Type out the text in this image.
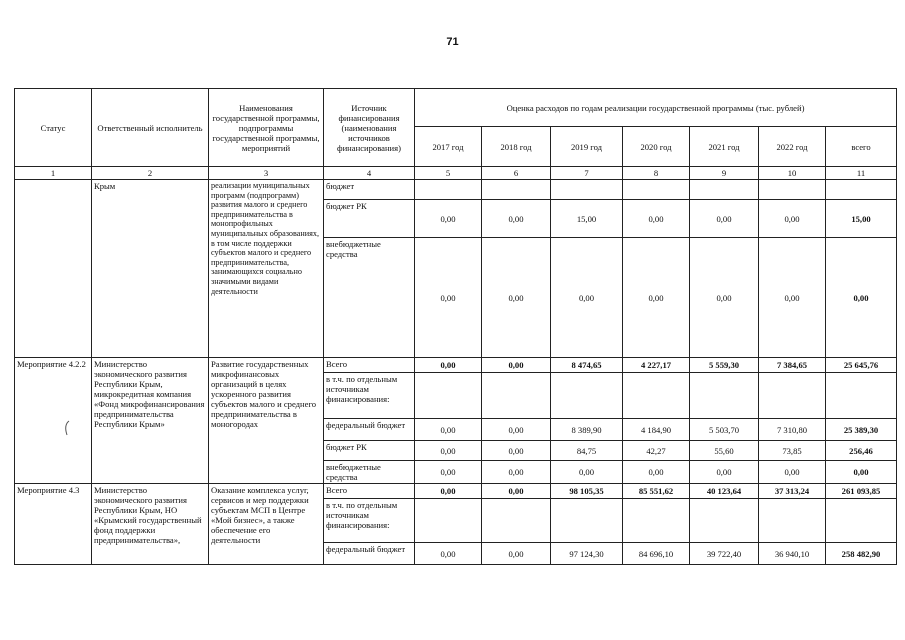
71
Статус	Ответственный исполнитель	Наименования государственной программы, подпрограммы государственной программы, мероприятий	Источник финансирования (наименования источников финансирования)	Оценка расходов по годам реализации государственной программы (тыс. рублей)						
				2017 год	2018 год	2019 год	2020 год	2021 год	2022 год	всего
1	2	3	4	5	6	7	8	9	10	11
	Крым	реализации муниципальных программ (подпрограмм) развития малого и среднего предпринимательства в монопрофильных муниципальных образованиях, в том числе поддержки субъектов малого и среднего предпринимательства, занимающихся социально значимыми видами деятельности	бюджет							
			бюджет РК	0,00	0,00	15,00	0,00	0,00	0,00	15,00
			внебюджетные средства	0,00	0,00	0,00	0,00	0,00	0,00	0,00
Мероприятие 4.2.2	Министерство экономического развития Республики Крым, микрокредитная компания «Фонд микрофинансирования предпринимательства Республики Крым»	Развитие государственных микрофинансовых организаций в целях ускоренного развития субъектов малого и среднего предпринимательства в моногородах	Всего	0,00	0,00	8 474,65	4 227,17	5 559,30	7 384,65	25 645,76
			в т.ч. по отдельным источникам финансирования:							
			федеральный бюджет	0,00	0,00	8 389,90	4 184,90	5 503,70	7 310,80	25 389,30
			бюджет РК	0,00	0,00	84,75	42,27	55,60	73,85	256,46
			внебюджетные средства	0,00	0,00	0,00	0,00	0,00	0,00	0,00
Мероприятие 4.3	Министерство экономического развития Республики Крым, НО «Крымский государственный фонд поддержки предпринимательства»,	Оказание комплекса услуг, сервисов и мер поддержки субъектам МСП в Центре «Мой бизнес», а также обеспечение его деятельности	Всего	0,00	0,00	98 105,35	85 551,62	40 123,64	37 313,24	261 093,85
			в т.ч. по отдельным источникам финансирования:							
			федеральный бюджет	0,00	0,00	97 124,30	84 696,10	39 722,40	36 940,10	258 482,90
